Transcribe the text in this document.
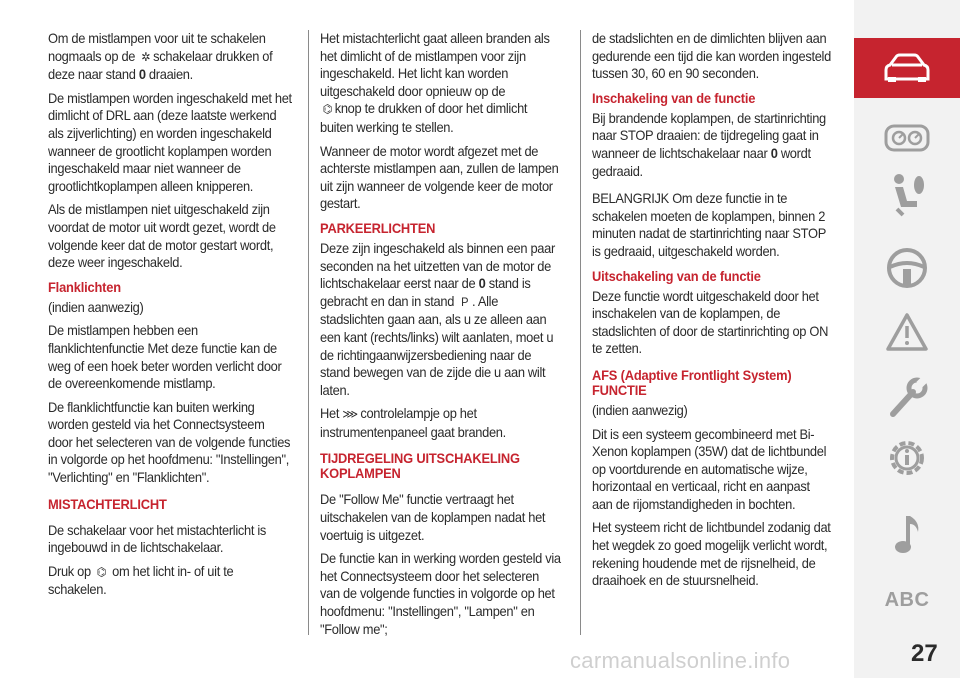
Om de mistlampen voor uit te schakelen nogmaals op de ✲ schakelaar drukken of deze naar stand 0 draaien.

De mistlampen worden ingeschakeld met het dimlicht of DRL aan (deze laatste werkend als zijverlichting) en worden ingeschakeld wanneer de grootlicht koplampen worden ingeschakeld maar niet wanneer de grootlichtkoplampen alleen knipperen.

Als de mistlampen niet uitgeschakeld zijn voordat de motor uit wordt gezet, wordt de volgende keer dat de motor gestart wordt, deze weer ingeschakeld.

Flanklichten

(indien aanwezig)

De mistlampen hebben een flanklichtenfunctie Met deze functie kan de weg of een hoek beter worden verlicht door de overeenkomende mistlamp.

De flanklichtfunctie kan buiten werking worden gesteld via het Connectsysteem door het selecteren van de volgende functies in volgorde op het hoofdmenu: "Instellingen", "Verlichting" en "Flanklichten".

MISTACHTERLICHT

De schakelaar voor het mistachterlicht is ingebouwd in de lichtschakelaar.

Druk op ⌬ om het licht in- of uit te schakelen.

Het mistachterlicht gaat alleen branden als het dimlicht of de mistlampen voor zijn ingeschakeld. Het licht kan worden uitgeschakeld door opnieuw op de
⌬ knop te drukken of door het dimlicht buiten werking te stellen.

Wanneer de motor wordt afgezet met de achterste mistlampen aan, zullen de lampen uit zijn wanneer de volgende keer de motor gestart.

PARKEERLICHTEN

Deze zijn ingeschakeld als binnen een paar seconden na het uitzetten van de motor de lichtschakelaar eerst naar de 0 stand is gebracht en dan in stand P . Alle stadslichten gaan aan, als u ze alleen aan een kant (rechts/links) wilt aanlaten, moet u de richtingaanwijzersbediening naar de stand bewegen van de zijde die u aan wilt laten.

Het ⋙ controlelampje op het instrumentenpaneel gaat branden.

TIJDREGELING UITSCHAKELING KOPLAMPEN

De "Follow Me" functie vertraagt het uitschakelen van de koplampen nadat het voertuig is uitgezet.

De functie kan in werking worden gesteld via het Connectsysteem door het selecteren van de volgende functies in volgorde op het hoofdmenu: "Instellingen", "Lampen" en "Follow me";

de stadslichten en de dimlichten blijven aan gedurende een tijd die kan worden ingesteld tussen 30, 60 en 90 seconden.

Inschakeling van de functie

Bij brandende koplampen, de startinrichting naar STOP draaien: de tijdregeling gaat in wanneer de lichtschakelaar naar 0 wordt gedraaid.

BELANGRIJK Om deze functie in te schakelen moeten de koplampen, binnen 2 minuten nadat de startinrichting naar STOP is gedraaid, uitgeschakeld worden.

Uitschakeling van de functie

Deze functie wordt uitgeschakeld door het inschakelen van de koplampen, de stadslichten of door de startinrichting op ON te zetten.

AFS (Adaptive Frontlight System) FUNCTIE

(indien aanwezig)

Dit is een systeem gecombineerd met Bi-Xenon koplampen (35W) dat de lichtbundel op voortdurende en automatische wijze, horizontaal en verticaal, richt en aanpast aan de rijomstandigheden in bochten.

Het systeem richt de lichtbundel zodanig dat het wegdek zo goed mogelijk verlicht wordt, rekening houdende met de rijsnelheid, de draaihoek en de stuursnelheid.

ABC
carmanualsonline.info	27
